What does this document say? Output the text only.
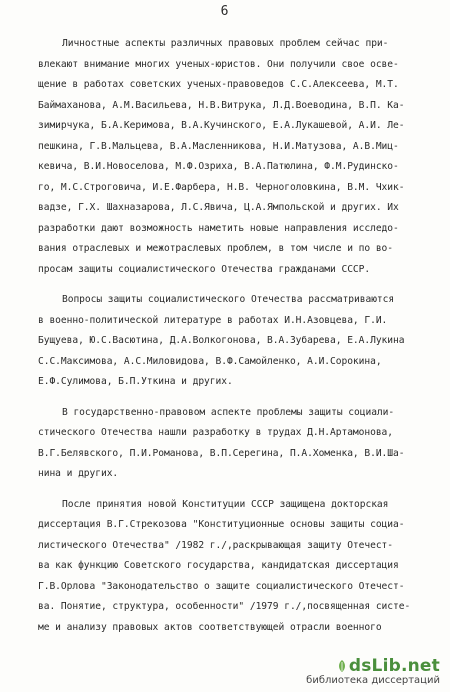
6
Личностные аспекты различных правовых проблем сейчас при-
влекают внимание многих ученых-юристов. Они получили свое осве-
щение в работах советских ученых-правоведов С.С.Алексеева, М.Т.
Баймаханова, А.М.Васильева, Н.В.Витрука, Л.Д.Воеводина, В.П. Ка-
зимирчука, Б.А.Керимова, В.А.Кучинского, Е.А.Лукашевой, А.И. Ле-
пешкина, Г.В.Мальцева, В.А.Масленникова, Н.И.Матузова, А.В.Миц-
кевича, В.И.Новоселова, М.Ф.Озриха, В.А.Патюлина, Ф.М.Рудинско-
го, М.С.Строговича, И.Е.Фарбера, Н.В. Черноголовкина, В.М. Чхик-
вадзе, Г.Х. Шахназарова, Л.С.Явича, Ц.А.Ямпольской и других. Их
разработки дают возможность наметить новые направления исследо-
вания отраслевых и межотраслевых проблем, в том числе и по во-
просам защиты социалистического Отечества гражданами СССР.
Вопросы защиты социалистического Отечества рассматриваются
в военно-политической литературе в работах И.Н.Азовцева, Г.И.
Бущуева, Ю.С.Васютина, Д.А.Волкогонова, В.А.Зубарева, Е.А.Лукина
С.С.Максимова, А.С.Миловидова, В.Ф.Самойленко, А.И.Сорокина,
Е.Ф.Сулимова, Б.П.Уткина и других.
В государственно-правовом аспекте проблемы защиты социали-
стического Отечества нашли разработку в трудах Д.Н.Артамонова,
В.Г.Белявского, П.И.Романова, В.П.Серегина, П.А.Хоменка, В.И.Ша-
нина и других.
После принятия новой Конституции СССР защищена докторская
диссертация В.Г.Стрекозова "Конституционные основы защиты социа-
листического Отечества" /1982 г./,раскрывающая защиту Отечест-
ва как функцию Советского государства, кандидатская диссертация
Г.В.Орлова "Законодательство о защите социалистического Отечест-
ва. Понятие, структура, особенности" /1979 г./,посвященная систе-
ме и анализу правовых актов соответствующей отрасли военного
dsLib.net
библиотека диссертаций
